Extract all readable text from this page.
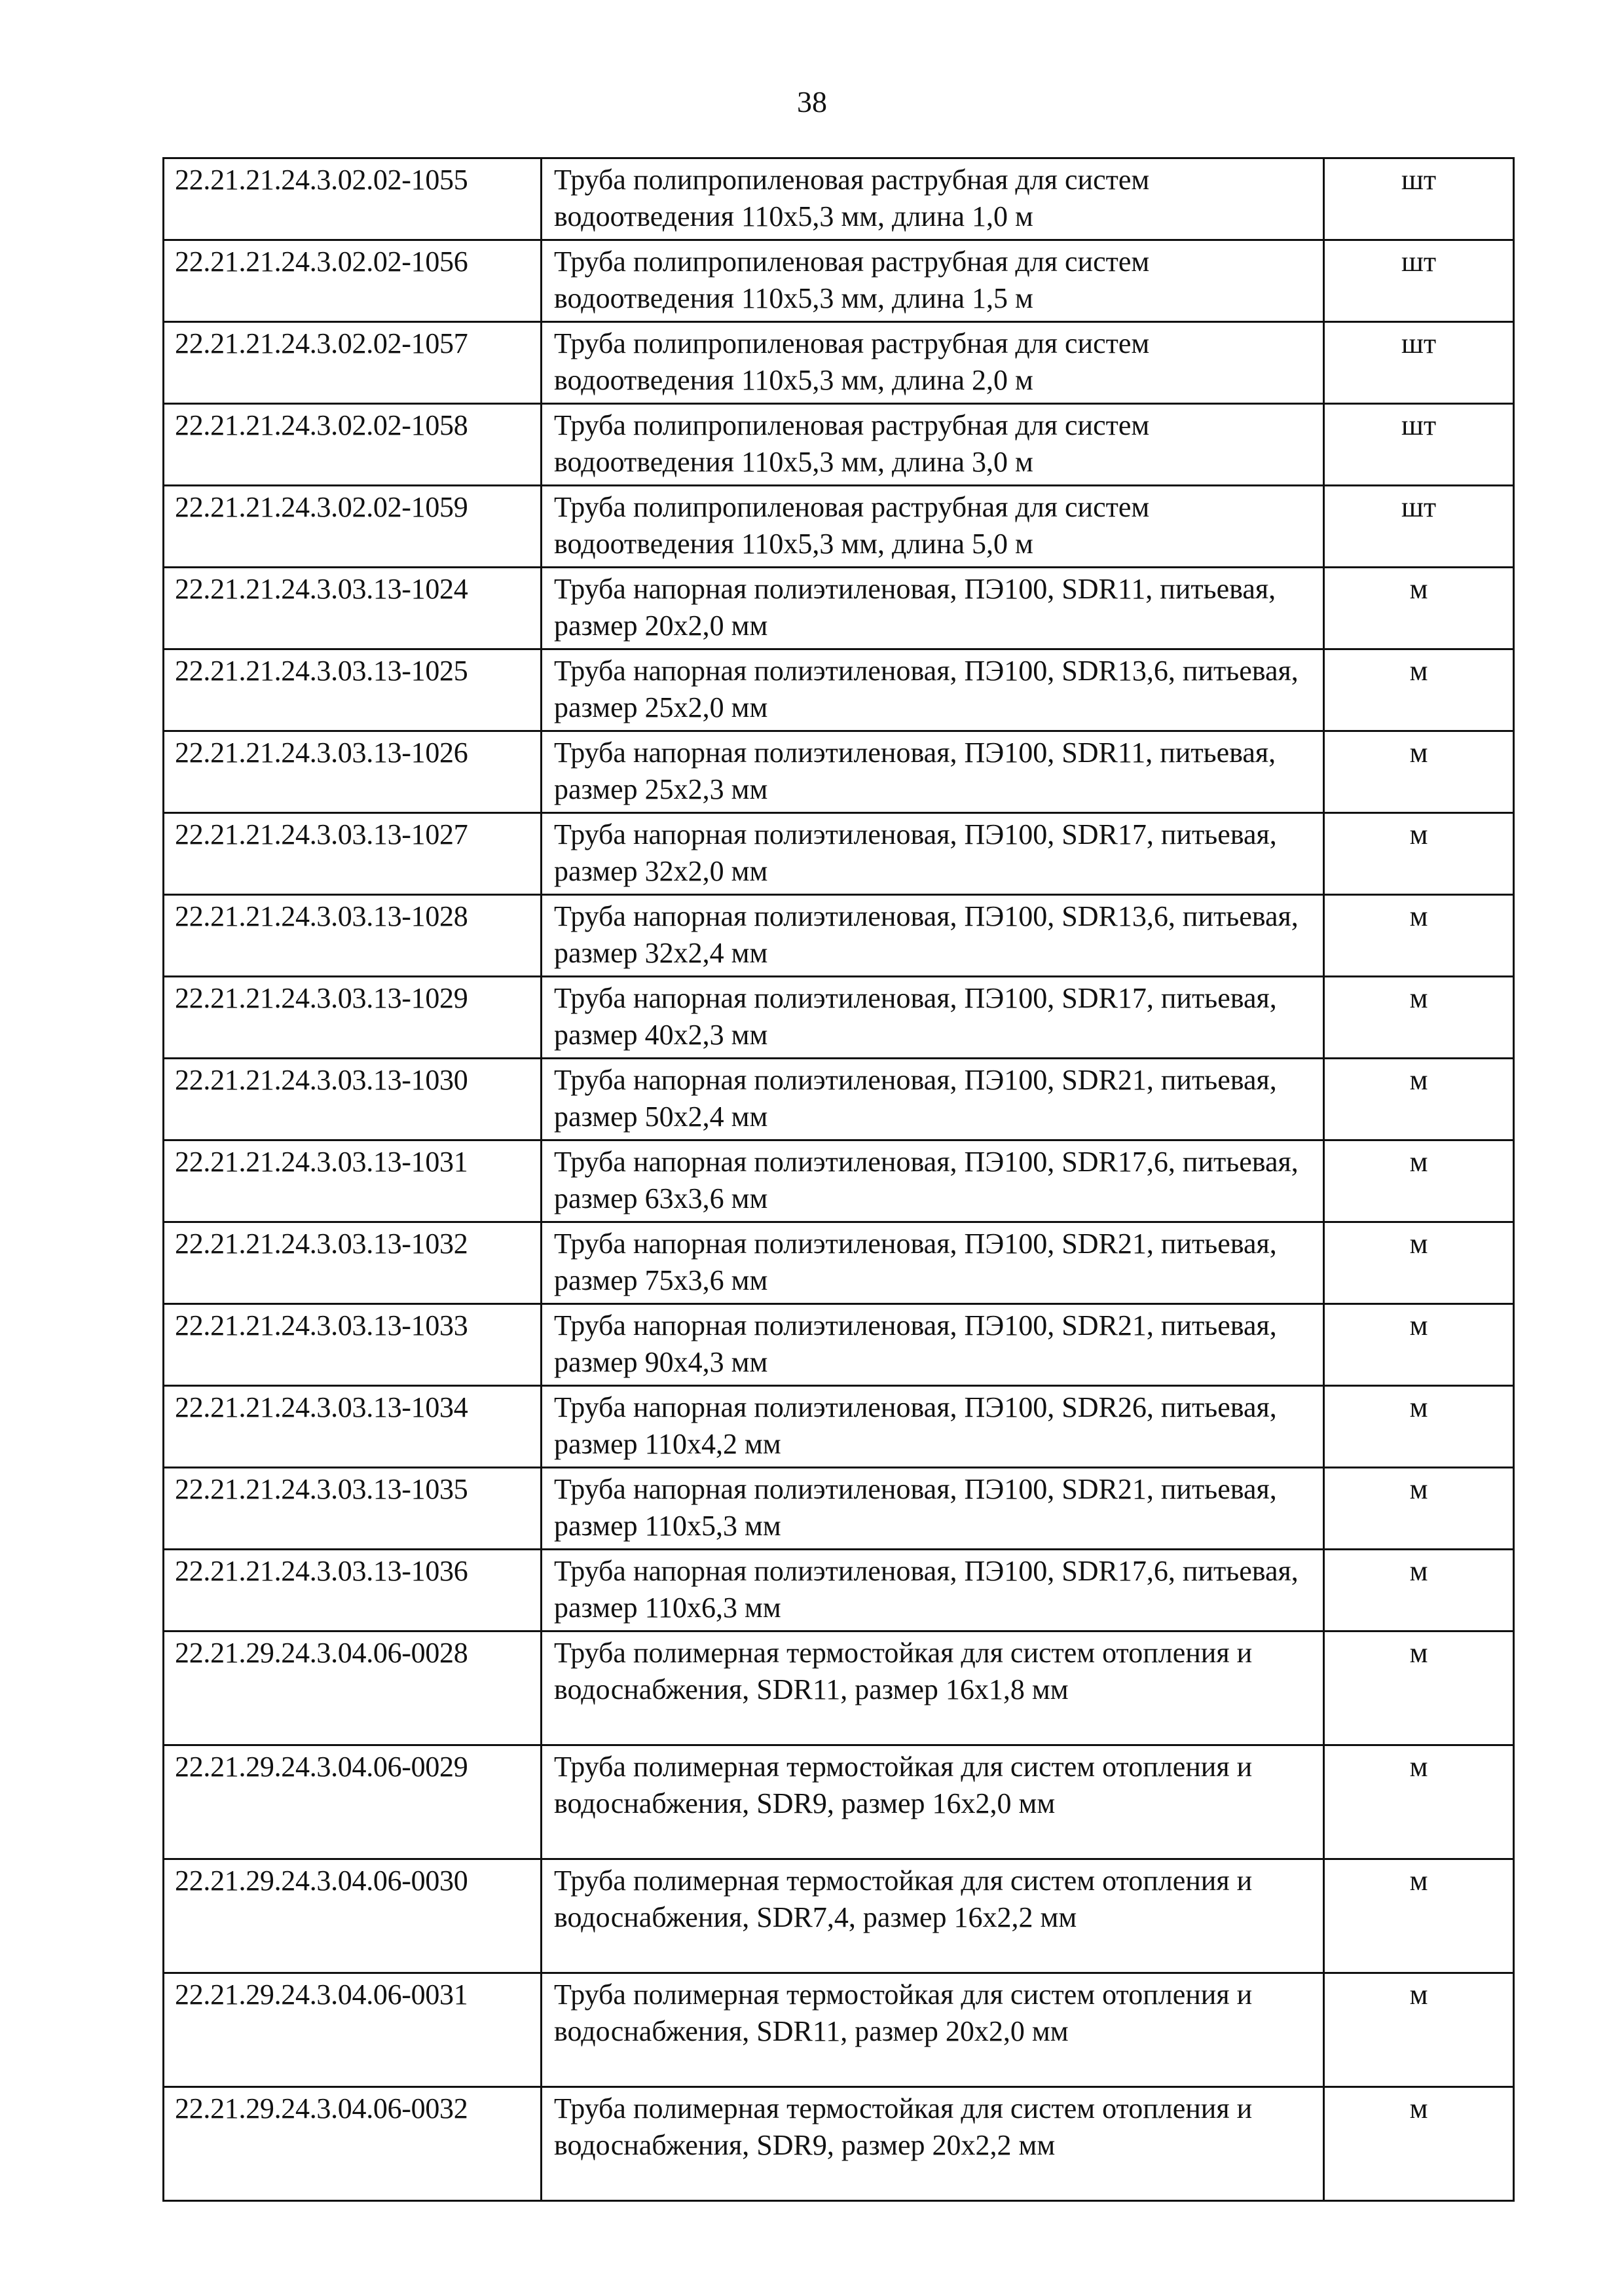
38
22.21.21.24.3.02.02-1055	Труба полипропиленовая раструбная для систем водоотведения 110x5,3 мм, длина 1,0 м	шт
22.21.21.24.3.02.02-1056	Труба полипропиленовая раструбная для систем водоотведения 110x5,3 мм, длина 1,5 м	шт
22.21.21.24.3.02.02-1057	Труба полипропиленовая раструбная для систем водоотведения 110x5,3 мм, длина 2,0 м	шт
22.21.21.24.3.02.02-1058	Труба полипропиленовая раструбная для систем водоотведения 110x5,3 мм, длина 3,0 м	шт
22.21.21.24.3.02.02-1059	Труба полипропиленовая раструбная для систем водоотведения 110x5,3 мм, длина 5,0 м	шт
22.21.21.24.3.03.13-1024	Труба напорная полиэтиленовая, ПЭ100, SDR11, питьевая, размер 20x2,0 мм	м
22.21.21.24.3.03.13-1025	Труба напорная полиэтиленовая, ПЭ100, SDR13,6, питьевая, размер 25x2,0 мм	м
22.21.21.24.3.03.13-1026	Труба напорная полиэтиленовая, ПЭ100, SDR11, питьевая, размер 25x2,3 мм	м
22.21.21.24.3.03.13-1027	Труба напорная полиэтиленовая, ПЭ100, SDR17, питьевая, размер 32x2,0 мм	м
22.21.21.24.3.03.13-1028	Труба напорная полиэтиленовая, ПЭ100, SDR13,6, питьевая, размер 32x2,4 мм	м
22.21.21.24.3.03.13-1029	Труба напорная полиэтиленовая, ПЭ100, SDR17, питьевая, размер 40x2,3 мм	м
22.21.21.24.3.03.13-1030	Труба напорная полиэтиленовая, ПЭ100, SDR21, питьевая, размер 50x2,4 мм	м
22.21.21.24.3.03.13-1031	Труба напорная полиэтиленовая, ПЭ100, SDR17,6, питьевая, размер 63x3,6 мм	м
22.21.21.24.3.03.13-1032	Труба напорная полиэтиленовая, ПЭ100, SDR21, питьевая, размер 75x3,6 мм	м
22.21.21.24.3.03.13-1033	Труба напорная полиэтиленовая, ПЭ100, SDR21, питьевая, размер 90x4,3 мм	м
22.21.21.24.3.03.13-1034	Труба напорная полиэтиленовая, ПЭ100, SDR26, питьевая, размер 110x4,2 мм	м
22.21.21.24.3.03.13-1035	Труба напорная полиэтиленовая, ПЭ100, SDR21, питьевая, размер 110x5,3 мм	м
22.21.21.24.3.03.13-1036	Труба напорная полиэтиленовая, ПЭ100, SDR17,6, питьевая, размер 110x6,3 мм	м
22.21.29.24.3.04.06-0028	Труба полимерная термостойкая для систем отопления и водоснабжения, SDR11, размер 16x1,8 мм	м
22.21.29.24.3.04.06-0029	Труба полимерная термостойкая для систем отопления и водоснабжения, SDR9, размер 16x2,0 мм	м
22.21.29.24.3.04.06-0030	Труба полимерная термостойкая для систем отопления и водоснабжения, SDR7,4, размер 16x2,2 мм	м
22.21.29.24.3.04.06-0031	Труба полимерная термостойкая для систем отопления и водоснабжения, SDR11, размер 20x2,0 мм	м
22.21.29.24.3.04.06-0032	Труба полимерная термостойкая для систем отопления и водоснабжения, SDR9, размер 20x2,2 мм	м
